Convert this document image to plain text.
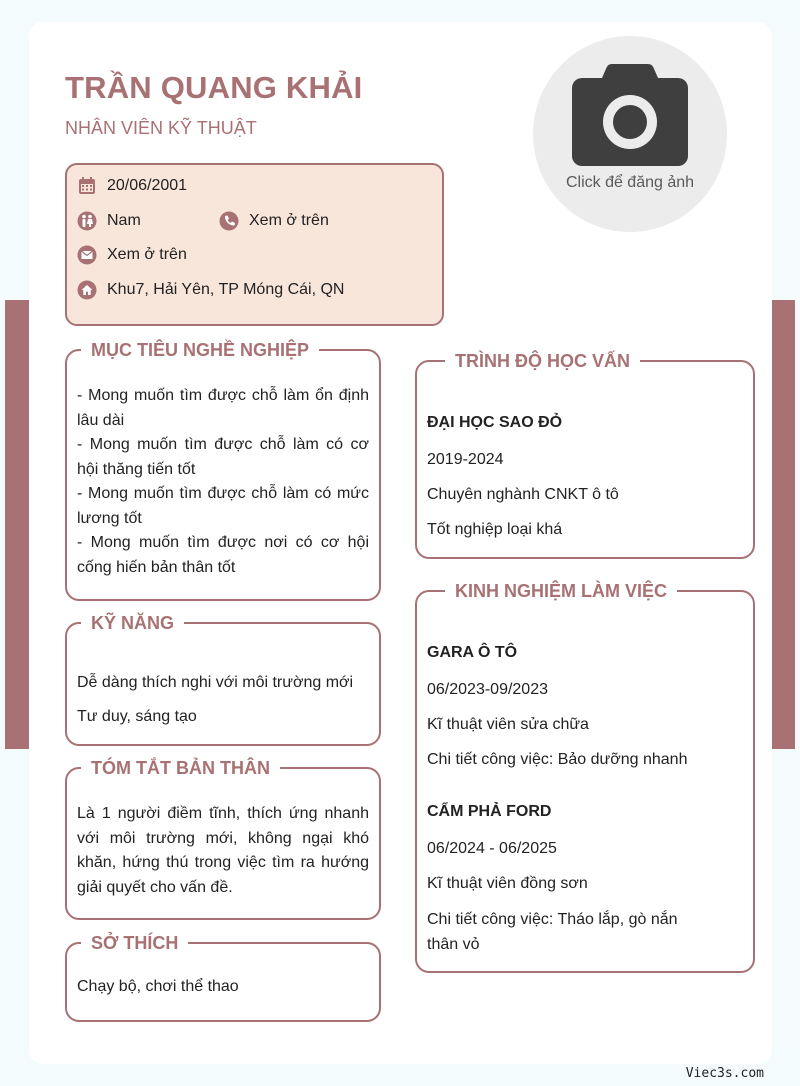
TRẦN QUANG KHẢI
NHÂN VIÊN KỸ THUẬT
Click để đăng ảnh
20/06/2001
Nam	Xem ở trên
Xem ở trên
Khu7, Hải Yên, TP Móng Cái, QN
MỤC TIÊU NGHỀ NGHIỆP
- Mong muốn tìm được chỗ làm ổn định lâu dài
- Mong muốn tìm được chỗ làm có cơ hội thăng tiến tốt
- Mong muốn tìm được chỗ làm có mức lương tốt
- Mong muốn tìm được nơi có cơ hội cống hiến bản thân tốt
KỸ NĂNG
Dễ dàng thích nghi với môi trường mới
Tư duy, sáng tạo
TÓM TẮT BẢN THÂN
Là 1 người điềm tĩnh, thích ứng nhanh với môi trường mới, không ngại khó khăn, hứng thú trong việc tìm ra hướng giải quyết cho vấn đề.
SỞ THÍCH
Chạy bộ, chơi thể thao
TRÌNH ĐỘ HỌC VẤN
ĐẠI HỌC SAO ĐỎ
2019-2024
Chuyên nghành CNKT ô tô
Tốt nghiệp loại khá
KINH NGHIỆM LÀM VIỆC
GARA Ô TÔ
06/2023-09/2023
Kĩ thuật viên sửa chữa
Chi tiết công việc: Bảo dưỡng nhanh
CẨM PHẢ FORD
06/2024 - 06/2025
Kĩ thuật viên đồng sơn
Chi tiết công việc: Tháo lắp, gò nắn thân vỏ
Viec3s.com
